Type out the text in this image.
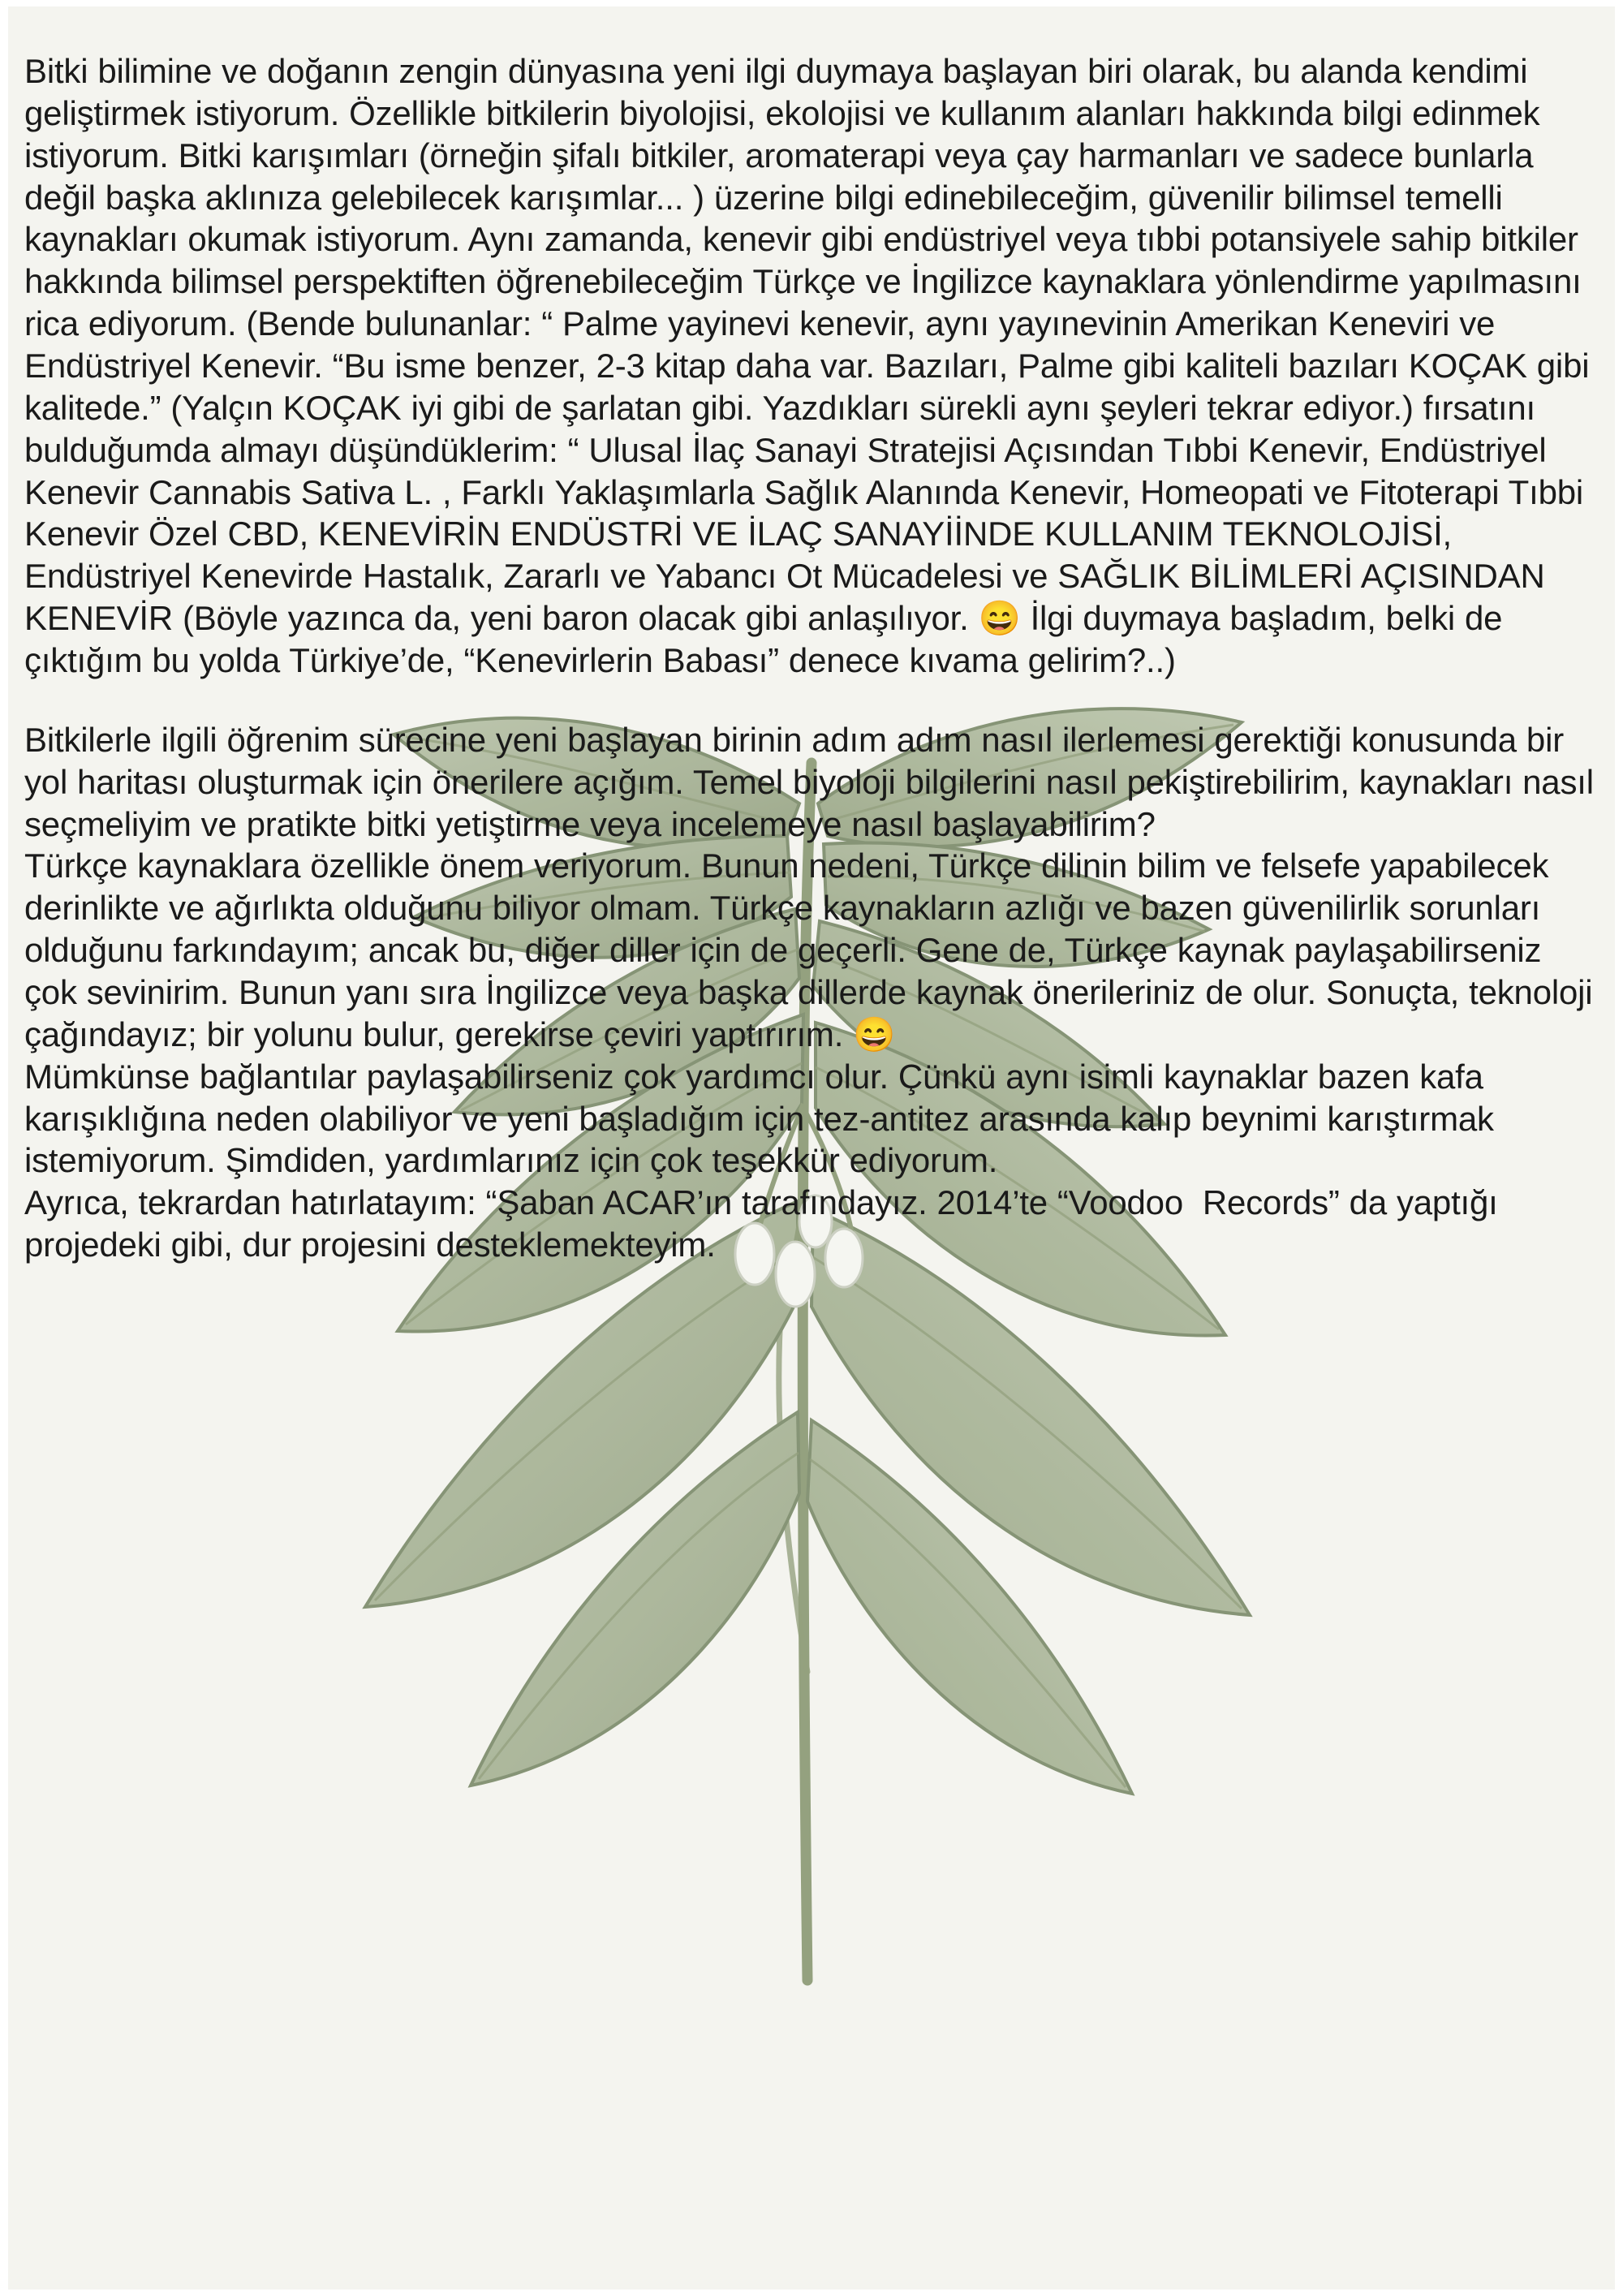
Bitki bilimine ve doğanın zengin dünyasına yeni ilgi duymaya başlayan biri olarak, bu alanda kendimi geliştirmek istiyorum. Özellikle bitkilerin biyolojisi, ekolojisi ve kullanım alanları hakkında bilgi edinmek istiyorum. Bitki karışımları (örneğin şifalı bitkiler, aromaterapi veya çay harmanları ve sadece bunlarla değil başka aklınıza gelebilecek karışımlar... ) üzerine bilgi edinebileceğim, güvenilir bilimsel temelli kaynakları okumak istiyorum. Aynı zamanda, kenevir gibi endüstriyel veya tıbbi potansiyele sahip bitkiler hakkında bilimsel perspektiften öğrenebileceğim Türkçe ve İngilizce kaynaklara yönlendirme yapılmasını rica ediyorum. (Bende bulunanlar: “ Palme yayinevi kenevir, aynı yayınevinin Amerikan Keneviri ve Endüstriyel Kenevir. “Bu isme benzer, 2-3 kitap daha var. Bazıları, Palme gibi kaliteli bazıları KOÇAK gibi kalitede.” (Yalçın KOÇAK iyi gibi de şarlatan gibi. Yazdıkları sürekli aynı şeyleri tekrar ediyor.) fırsatını bulduğumda almayı düşündüklerim: “ Ulusal İlaç Sanayi Stratejisi Açısından Tıbbi Kenevir, Endüstriyel Kenevir Cannabis Sativa L. , Farklı Yaklaşımlarla Sağlık Alanında Kenevir, Homeopati ve Fitoterapi Tıbbi Kenevir Özel CBD, KENEVİRİN ENDÜSTRİ VE İLAÇ SANAYİİNDE KULLANIM TEKNOLOJİSİ, Endüstriyel Kenevirde Hastalık, Zararlı ve Yabancı Ot Mücadelesi ve SAĞLIK BİLİMLERİ AÇISINDAN KENEVİR (Böyle yazınca da, yeni baron olacak gibi anlaşılıyor. 😄 İlgi duymaya başladım, belki de çıktığım bu yolda Türkiye’de, “Kenevirlerin Babası” denece kıvama gelirim?..)

Bitkilerle ilgili öğrenim sürecine yeni başlayan birinin adım adım nasıl ilerlemesi gerektiği konusunda bir yol haritası oluşturmak için önerilere açığım. Temel biyoloji bilgilerini nasıl pekiştirebilirim, kaynakları nasıl seçmeliyim ve pratikte bitki yetiştirme veya incelemeye nasıl başlayabilirim?

Türkçe kaynaklara özellikle önem veriyorum. Bunun nedeni, Türkçe dilinin bilim ve felsefe yapabilecek derinlikte ve ağırlıkta olduğunu biliyor olmam. Türkçe kaynakların azlığı ve bazen güvenilirlik sorunları olduğunu farkındayım; ancak bu, diğer diller için de geçerli. Gene de, Türkçe kaynak paylaşabilirseniz çok sevinirim. Bunun yanı sıra İngilizce veya başka dillerde kaynak önerileriniz de olur. Sonuçta, teknoloji çağındayız; bir yolunu bulur, gerekirse çeviri yaptırırım. 😄

Mümkünse bağlantılar paylaşabilirseniz çok yardımcı olur. Çünkü aynı isimli kaynaklar bazen kafa karışıklığına neden olabiliyor ve yeni başladığım için tez-antitez arasında kalıp beynimi karıştırmak istemiyorum. Şimdiden, yardımlarınız için çok teşekkür ediyorum.

Ayrıca, tekrardan hatırlatayım: “Şaban ACAR’ın tarafındayız. 2014’te “Voodoo  Records” da yaptığı projedeki gibi, dur projesini desteklemekteyim.
